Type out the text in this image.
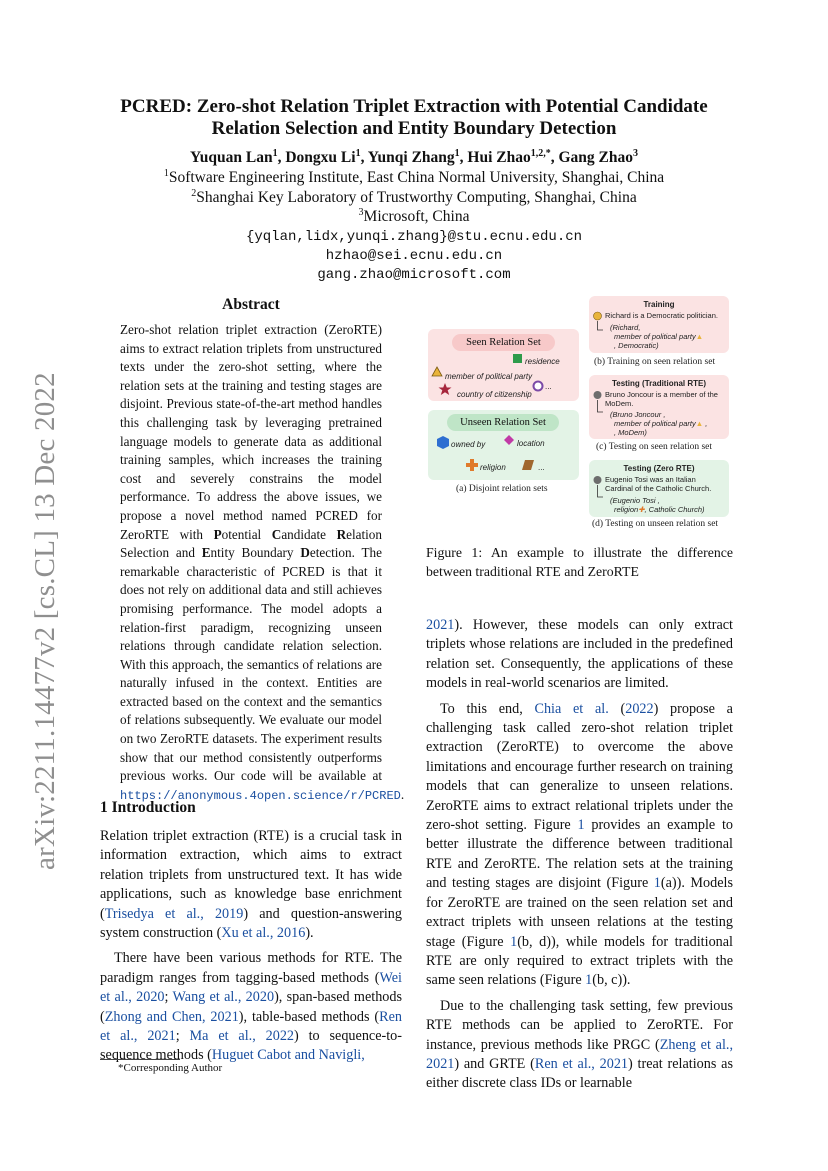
arXiv:2211.14477v2 [cs.CL] 13 Dec 2022
PCRED: Zero-shot Relation Triplet Extraction with Potential Candidate
Relation Selection and Entity Boundary Detection
Yuquan Lan$^1$, Dongxu Li$^1$, Yunqi Zhang$^1$, Hui Zhao$^{1,2,*}$, Gang Zhao$^3$
$^1$Software Engineering Institute, East China Normal University, Shanghai, China
$^2$Shanghai Key Laboratory of Trustworthy Computing, Shanghai, China
$^3$Microsoft, China
{yqlan,lidx,yunqi.zhang}@stu.ecnu.edu.cn
hzhao@sei.ecnu.edu.cn
gang.zhao@microsoft.com
Abstract
Zero-shot relation triplet extraction (ZeroRTE) aims to extract relation triplets from unstructured texts under the zero-shot setting, where the relation sets at the training and testing stages are disjoint. Previous state-of-the-art method handles this challenging task by leveraging pretrained language models to generate data as additional training samples, which increases the training cost and severely constrains the model performance. To address the above issues, we propose a novel method named PCRED for ZeroRTE with Potential Candidate Relation Selection and Entity Boundary Detection. The remarkable characteristic of PCRED is that it does not rely on additional data and still achieves promising performance. The model adopts a relation-first paradigm, recognizing unseen relations through candidate relation selection. With this approach, the semantics of relations are naturally infused in the context. Entities are extracted based on the context and the semantics of relations subsequently. We evaluate our model on two ZeroRTE datasets. The experiment results show that our method consistently outperforms previous works. Our code will be available at https://anonymous.4open.science/r/PCRED.
1 Introduction

Relation triplet extraction (RTE) is a crucial task in information extraction, which aims to extract relation triplets from unstructured text. It has wide applications, such as knowledge base enrichment (Trisedya et al., 2019) and question-answering system construction (Xu et al., 2016).

There have been various methods for RTE. The paradigm ranges from tagging-based methods (Wei et al., 2020; Wang et al., 2020), span-based methods (Zhong and Chen, 2021), table-based methods (Ren et al., 2021; Ma et al., 2022) to sequence-to-sequence methods (Huguet Cabot and Navigli,

*Corresponding Author

2021). However, these models can only extract triplets whose relations are included in the predefined relation set. Consequently, the applications of these models in real-world scenarios are limited.

To this end, Chia et al. (2022) propose a challenging task called zero-shot relation triplet extraction (ZeroRTE) to overcome the above limitations and encourage further research on training models that can generalize to unseen relations. ZeroRTE aims to extract relational triplets under the zero-shot setting. Figure 1 provides an example to better illustrate the difference between traditional RTE and ZeroRTE. The relation sets at the training and testing stages are disjoint (Figure 1(a)). Models for ZeroRTE are trained on the seen relation set and extract triplets with unseen relations at the testing stage (Figure 1(b, d)), while models for traditional RTE are only required to extract triplets with the same seen relations (Figure 1(b, c)).

Due to the challenging task setting, few previous RTE methods can be applied to ZeroRTE. For instance, previous methods like PRGC (Zheng et al., 2021) and GRTE (Ren et al., 2021) treat relations as either discrete class IDs or learnable

Seen Relation Set
residence
member of political party
country of citizenship
...
Unseen Relation Set
owned by	location
religion	...
(a) Disjoint relation sets
Training
Richard is a Democratic politician.
(Richard,
member of political party▲
, Democratic)
(b) Training on seen relation set
Testing (Traditional RTE)
Bruno Joncour is a member of the MoDem.
(Bruno Joncour ,
member of political party▲ ,
, MoDem)
(c) Testing on seen relation set
Testing (Zero RTE)
Eugenio Tosi was an Italian Cardinal of the Catholic Church.
(Eugenio Tosi ,
religion✚, Catholic Church)
(d) Testing on unseen relation set
Figure 1: An example to illustrate the difference between traditional RTE and ZeroRTE
